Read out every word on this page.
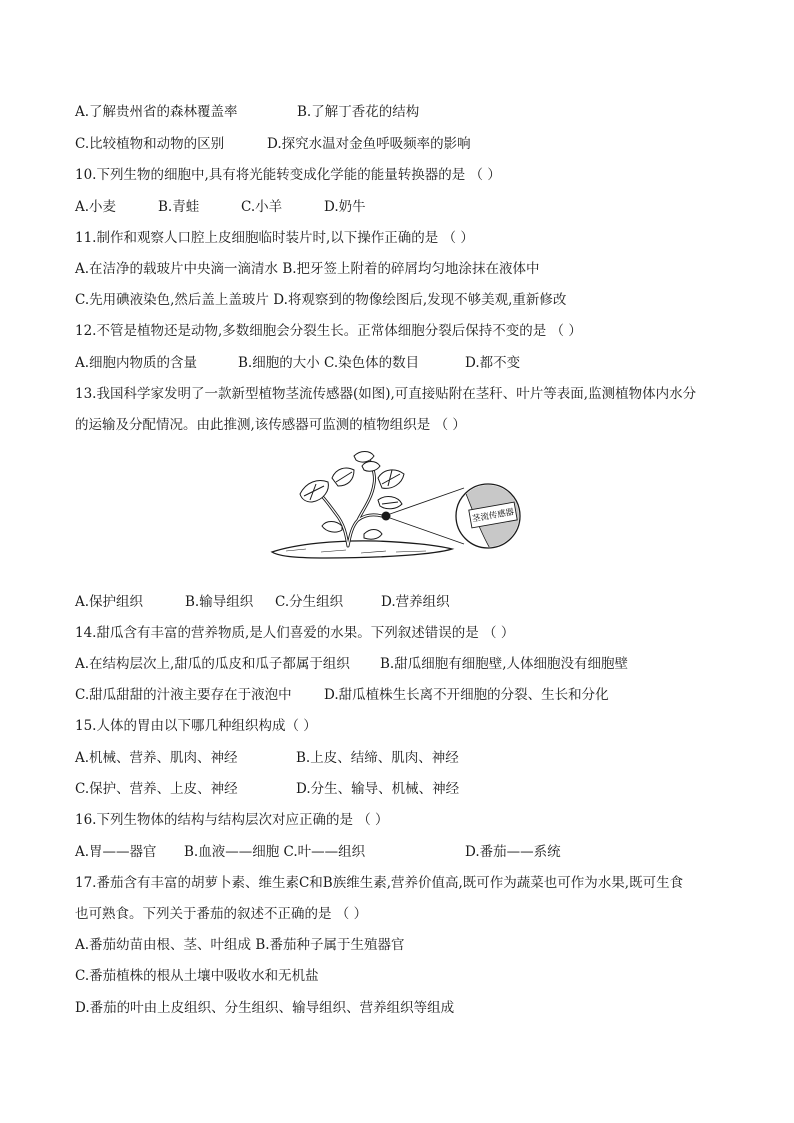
A.了解贵州省的森林覆盖率	B.了解丁香花的结构
C.比较植物和动物的区别	D.探究水温对金鱼呼吸频率的影响
10.下列生物的细胞中,具有将光能转变成化学能的能量转换器的是 （ ）
A.小麦	B.青蛙	C.小羊	D.奶牛
11.制作和观察人口腔上皮细胞临时装片时,以下操作正确的是 （ ）
A.在洁净的载玻片中央滴一滴清水 B.把牙签上附着的碎屑均匀地涂抹在液体中
C.先用碘液染色,然后盖上盖玻片 D.将观察到的物像绘图后,发现不够美观,重新修改
12.不管是植物还是动物,多数细胞会分裂生长。正常体细胞分裂后保持不变的是 （ ）
A.细胞内物质的含量	B.细胞的大小 C.染色体的数目	D.都不变
13.我国科学家发明了一款新型植物茎流传感器(如图),可直接贴附在茎秆、叶片等表面,监测植物体内水分
的运输及分配情况。由此推测,该传感器可监测的植物组织是 （ ）
茎流传感器
A.保护组织	B.输导组织 C.分生组织	D.营养组织
14.甜瓜含有丰富的营养物质,是人们喜爱的水果。下列叙述错误的是 （ ）
A.在结构层次上,甜瓜的瓜皮和瓜子都属于组织 B.甜瓜细胞有细胞壁,人体细胞没有细胞壁
C.甜瓜甜甜的汁液主要存在于液泡中 D.甜瓜植株生长离不开细胞的分裂、生长和分化
15.人体的胃由以下哪几种组织构成（ ）
A.机械、营养、肌肉、神经	B.上皮、结缔、肌肉、神经
C.保护、营养、上皮、神经	D.分生、输导、机械、神经
16.下列生物体的结构与结构层次对应正确的是 （ ）
A.胃——器官 B.血液——细胞 C.叶——组织	D.番茄——系统
17.番茄含有丰富的胡萝卜素、维生素C和B族维生素,营养价值高,既可作为蔬菜也可作为水果,既可生食
也可熟食。下列关于番茄的叙述不正确的是 （ ）
A.番茄幼苗由根、茎、叶组成 B.番茄种子属于生殖器官
C.番茄植株的根从土壤中吸收水和无机盐
D.番茄的叶由上皮组织、分生组织、输导组织、营养组织等组成
